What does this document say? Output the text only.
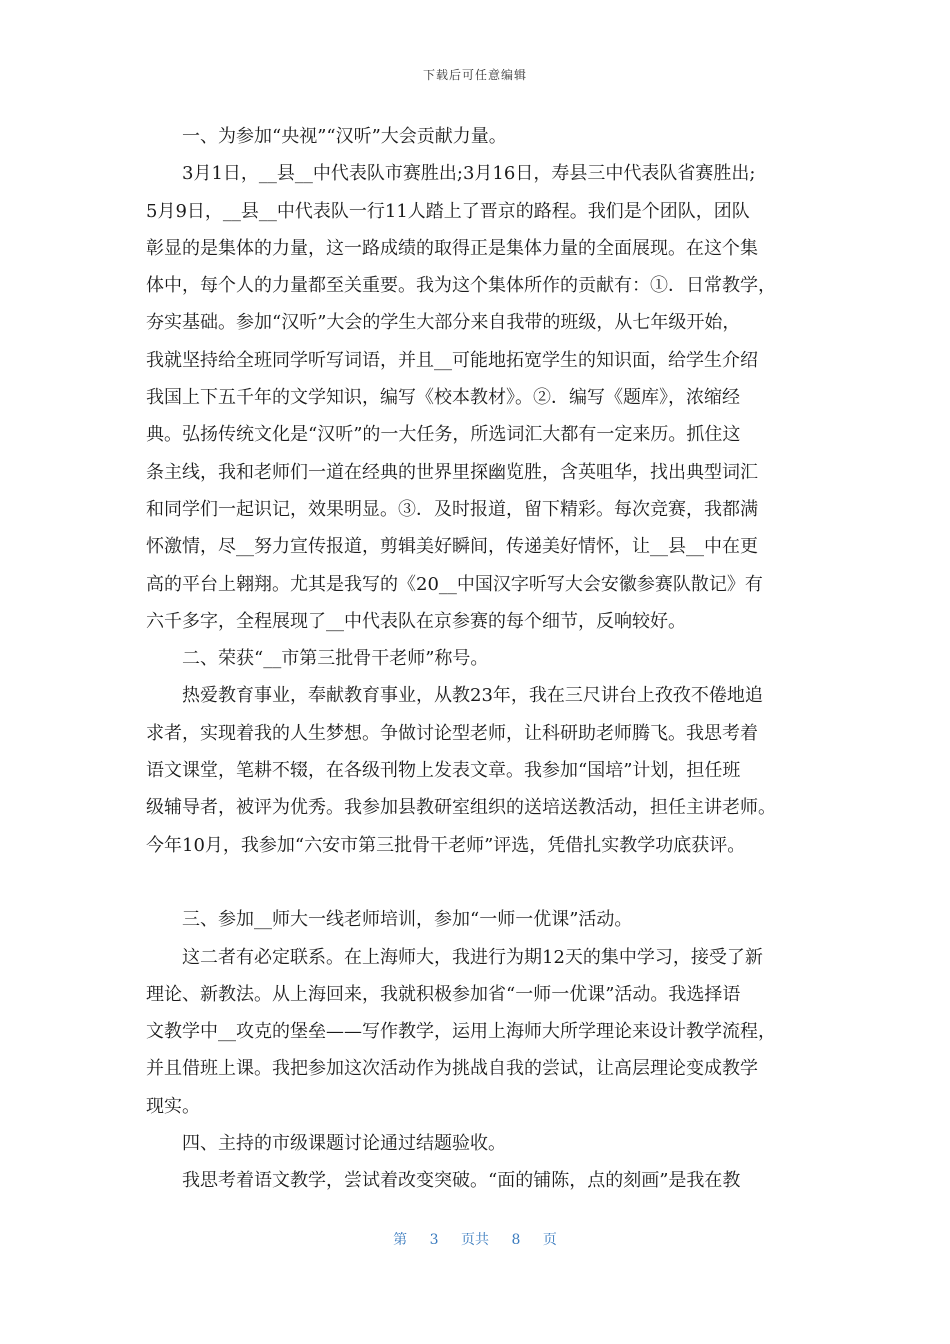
下载后可任意编辑
一、为参加“央视”“汉听”大会贡献力量。
3月1日，__县__中代表队市赛胜出;3月16日，寿县三中代表队省赛胜出;
5月9日，__县__中代表队一行11人踏上了晋京的路程。我们是个团队，团队
彰显的是集体的力量，这一路成绩的取得正是集体力量的全面展现。在这个集
体中，每个人的力量都至关重要。我为这个集体所作的贡献有：①．日常教学，
夯实基础。参加“汉听”大会的学生大部分来自我带的班级，从七年级开始，
我就坚持给全班同学听写词语，并且__可能地拓宽学生的知识面，给学生介绍
我国上下五千年的文学知识，编写《校本教材》。②．编写《题库》，浓缩经
典。弘扬传统文化是“汉听”的一大任务，所选词汇大都有一定来历。抓住这
条主线，我和老师们一道在经典的世界里探幽览胜，含英咀华，找出典型词汇
和同学们一起识记，效果明显。③．及时报道，留下精彩。每次竞赛，我都满
怀激情，尽__努力宣传报道，剪辑美好瞬间，传递美好情怀，让__县__中在更
高的平台上翱翔。尤其是我写的《20__中国汉字听写大会安徽参赛队散记》有
六千多字，全程展现了__中代表队在京参赛的每个细节，反响较好。
二、荣获“__市第三批骨干老师”称号。
热爱教育事业，奉献教育事业，从教23年，我在三尺讲台上孜孜不倦地追
求者，实现着我的人生梦想。争做讨论型老师，让科研助老师腾飞。我思考着
语文课堂，笔耕不辍，在各级刊物上发表文章。我参加“国培”计划，担任班
级辅导者，被评为优秀。我参加县教研室组织的送培送教活动，担任主讲老师。
今年10月，我参加“六安市第三批骨干老师”评选，凭借扎实教学功底获评。
三、参加__师大一线老师培训，参加“一师一优课”活动。
这二者有必定联系。在上海师大，我进行为期12天的集中学习，接受了新
理论、新教法。从上海回来，我就积极参加省“一师一优课”活动。我选择语
文教学中__攻克的堡垒——写作教学，运用上海师大所学理论来设计教学流程，
并且借班上课。我把参加这次活动作为挑战自我的尝试，让高层理论变成教学
现实。
四、主持的市级课题讨论通过结题验收。
我思考着语文教学，尝试着改变突破。“面的铺陈，点的刻画”是我在教
第 3 页共 8 页
